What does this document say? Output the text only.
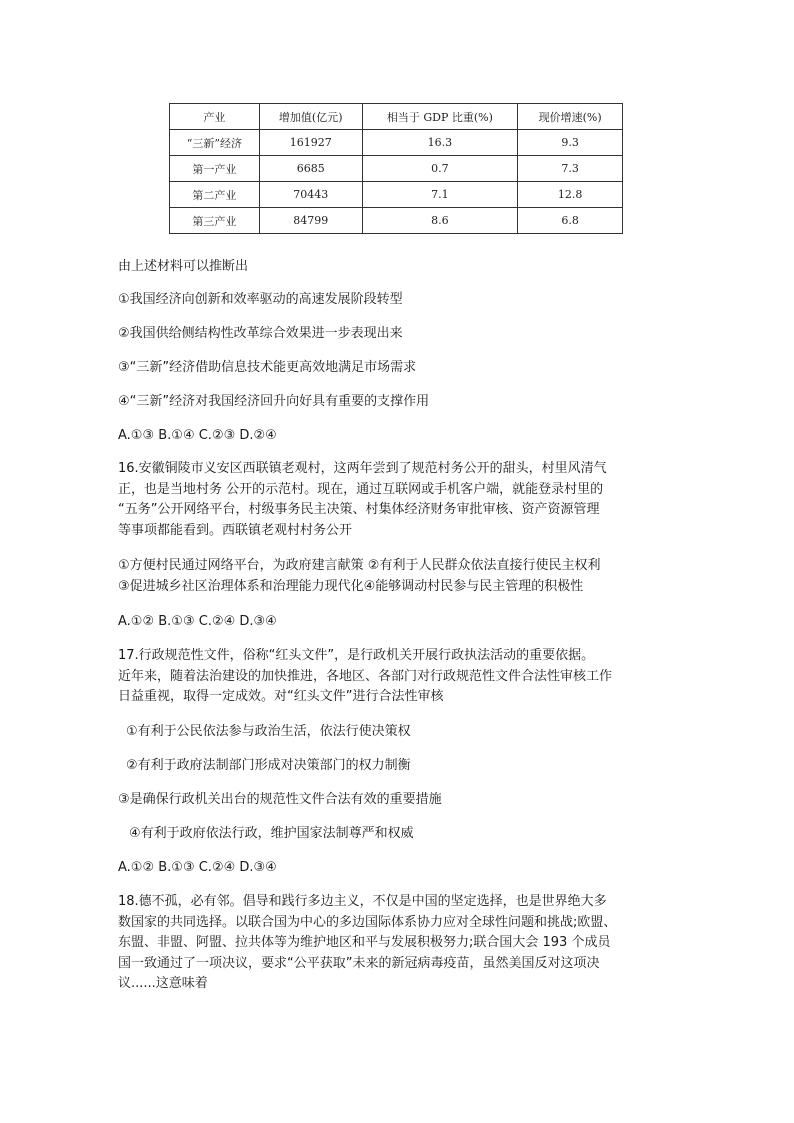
产业	增加值(亿元)	相当于 GDP 比重(%)	现价增速(%)
“三新”经济	161927	16.3	9.3
第一产业	6685	0.7	7.3
第二产业	70443	7.1	12.8
第三产业	84799	8.6	6.8

由上述材料可以推断出

①我国经济向创新和效率驱动的高速发展阶段转型

②我国供给侧结构性改革综合效果进一步表现出来

③“三新”经济借助信息技术能更高效地满足市场需求

④“三新”经济对我国经济回升向好具有重要的支撑作用

A.①③ B.①④ C.②③ D.②④

16.安徽铜陵市义安区西联镇老观村，这两年尝到了规范村务公开的甜头，村里风清气
正，也是当地村务 公开的示范村。现在，通过互联网或手机客户端，就能登录村里的
“五务”公开网络平台，村级事务民主决策、村集体经济财务审批审核、资产资源管理
等事项都能看到。西联镇老观村村务公开
①方便村民通过网络平台，为政府建言献策 ②有利于人民群众依法直接行使民主权利
③促进城乡社区治理体系和治理能力现代化④能够调动村民参与民主管理的积极性

A.①② B.①③ C.②④ D.③④

17.行政规范性文件，俗称“红头文件”，是行政机关开展行政执法活动的重要依据。
近年来，随着法治建设的加快推进，各地区、各部门对行政规范性文件合法性审核工作
日益重视，取得一定成效。对“红头文件”进行合法性审核

①有利于公民依法参与政治生活，依法行使决策权

②有利于政府法制部门形成对决策部门的权力制衡

③是确保行政机关出台的规范性文件合法有效的重要措施

④有利于政府依法行政，维护国家法制尊严和权威

A.①② B.①③ C.②④ D.③④

18.德不孤，必有邻。倡导和践行多边主义，不仅是中国的坚定选择，也是世界绝大多
数国家的共同选择。以联合国为中心的多边国际体系协力应对全球性问题和挑战;欧盟、
东盟、非盟、阿盟、拉共体等为维护地区和平与发展积极努力;联合国大会 193 个成员
国一致通过了一项决议，要求“公平获取”未来的新冠病毒疫苗，虽然美国反对这项决
议......这意味着
